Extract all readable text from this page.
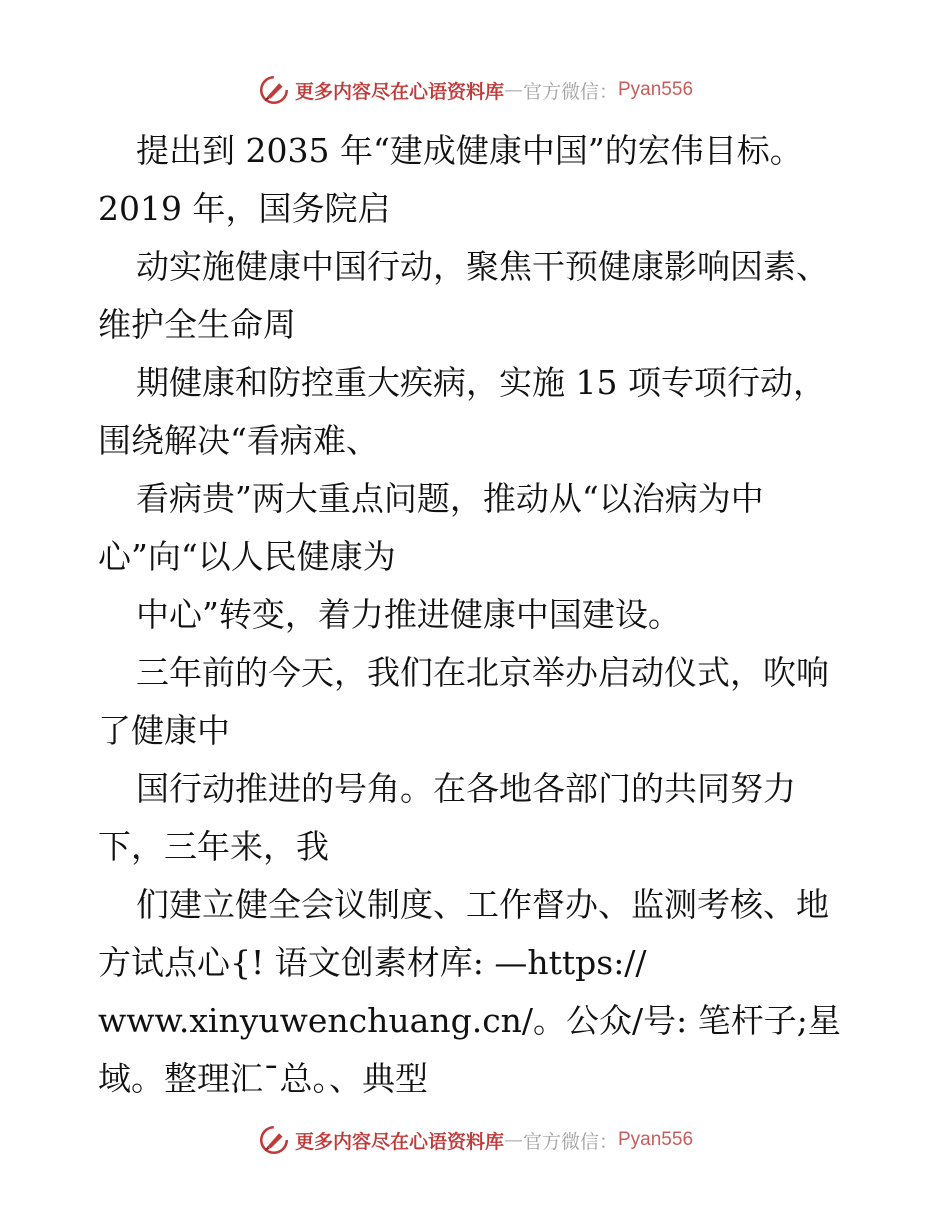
更多内容尽在心语资料库 — 官方微信： Pyan556
提出到 2035 年“建成健康中国”的宏伟目标。
2019 年，国务院启
动实施健康中国行动，聚焦干预健康影响因素、
维护全生命周
期健康和防控重大疾病，实施 15 项专项行动，
围绕解决“看病难、
看病贵”两大重点问题，推动从“以治病为中
心”向“以人民健康为
中心”转变，着力推进健康中国建设。
三年前的今天，我们在北京举办启动仪式，吹响
了健康中
国行动推进的号角。在各地各部门的共同努力
下，三年来，我
们建立健全会议制度、工作督办、监测考核、地
方试点心{! 语文创素材库: —https://
www.xinyuwenchuang.cn/。公众/号: 笔杆子;星
域。整理汇¯总。、典型
更多内容尽在心语资料库 — 官方微信： Pyan556
